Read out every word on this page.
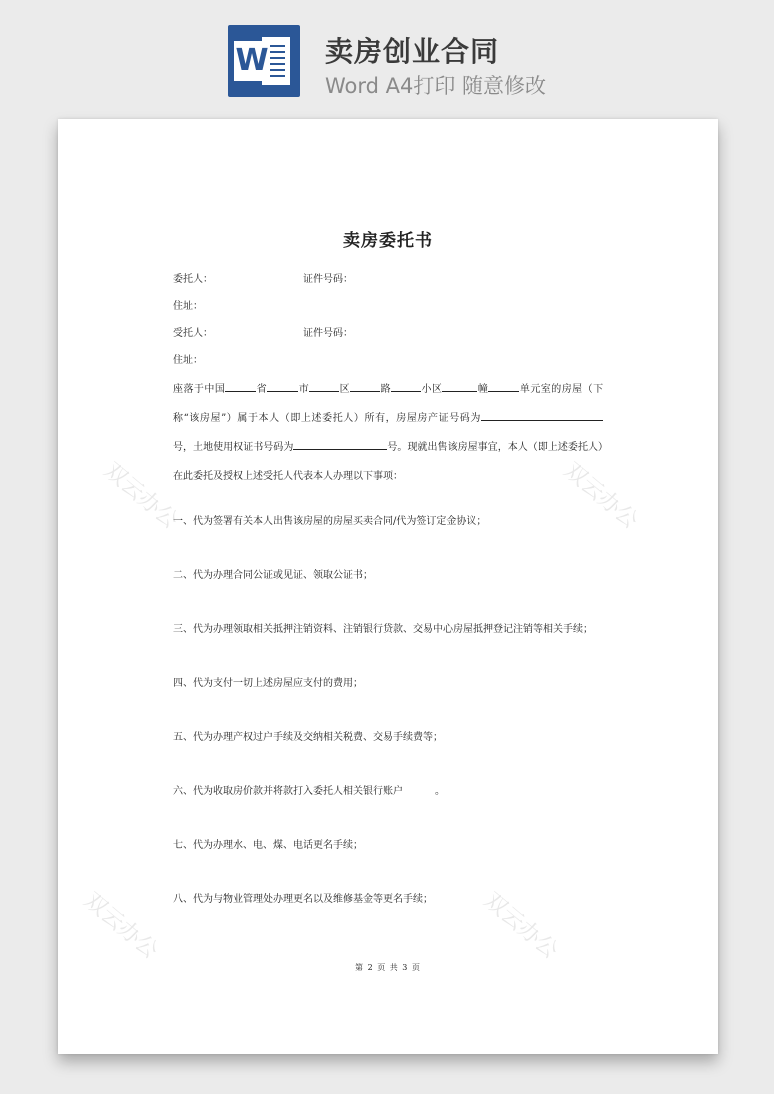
W 卖房创业合同
Word A4打印 随意修改
双云办公	双云办公
双云办公	双云办公
卖房委托书
委托人：	证件号码：
住址：
受托人：	证件号码：
住址：
座落于中国	省	市	区	路	小区	幢	单元室的房屋（下称“该房屋”）属于本人（即上述委托人）所有，房屋房产证号码为号，土地使用权证书号码为	号。现就出售该房屋事宜，本人（即上述委托人）在此委托及授权上述受托人代表本人办理以下事项：
一、代为签署有关本人出售该房屋的房屋买卖合同/代为签订定金协议；
二、代为办理合同公证或见证、领取公证书；
三、代为办理领取相关抵押注销资料、注销银行贷款、交易中心房屋抵押登记注销等相关手续；
四、代为支付一切上述房屋应支付的费用；
五、代为办理产权过户手续及交纳相关税费、交易手续费等；
六、代为收取房价款并将款打入委托人相关银行账户	。
七、代为办理水、电、煤、电话更名手续；
八、代为与物业管理处办理更名以及维修基金等更名手续；
第 2 页 共 3 页
